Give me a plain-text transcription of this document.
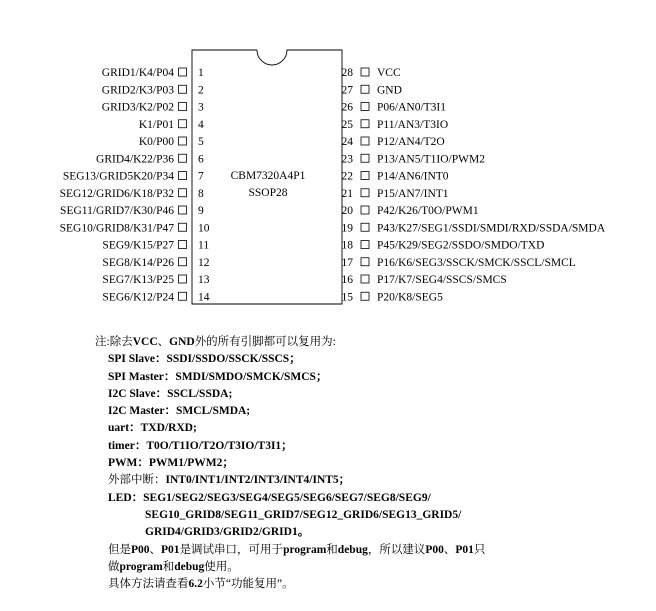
CBM7320A4P1
SSOP28
GRID1/K4/P04 1
GRID2/K3/P03 2
GRID3/K2/P02 3
K1/P01 4
K0/P00 5
GRID4/K22/P36 6
SEG13/GRID5K20/P34 7
SEG12/GRID6/K18/P32 8
SEG11/GRID7/K30/P46 9
SEG10/GRID8/K31/P47 10
SEG9/K15/P27 11
SEG8/K14/P26 12
SEG7/K13/P25 13
SEG6/K12/P24 14
28 VCC
27 GND
26 P06/AN0/T3I1
25 P11/AN3/T3IO
24 P12/AN4/T2O
23 P13/AN5/T1IO/PWM2
22 P14/AN6/INT0
21 P15/AN7/INT1
20 P42/K26/T0O/PWM1
19 P43/K27/SEG1/SSDI/SMDI/RXD/SSDA/SMDA
18 P45/K29/SEG2/SSDO/SMDO/TXD
17 P16/K6/SEG3/SSCK/SMCK/SSCL/SMCL
16 P17/K7/SEG4/SSCS/SMCS
15 P20/K8/SEG5
注:除去VCC、GND外的所有引脚都可以复用为:
SPI Slave：SSDI/SSDO/SSCK/SSCS；
SPI Master：SMDI/SMDO/SMCK/SMCS；
I2C Slave：SSCL/SSDA;
I2C Master：SMCL/SMDA;
uart：TXD/RXD;
timer：T0O/T1IO/T2O/T3IO/T3I1；
PWM：PWM1/PWM2；
外部中断：INT0/INT1/INT2/INT3/INT4/INT5；
LED：SEG1/SEG2/SEG3/SEG4/SEG5/SEG6/SEG7/SEG8/SEG9/
SEG10_GRID8/SEG11_GRID7/SEG12_GRID6/SEG13_GRID5/
GRID4/GRID3/GRID2/GRID1。
但是P00、P01是调试串口，可用于program和debug，所以建议P00、P01只
做program和debug使用。
具体方法请查看6.2小节“功能复用”。
